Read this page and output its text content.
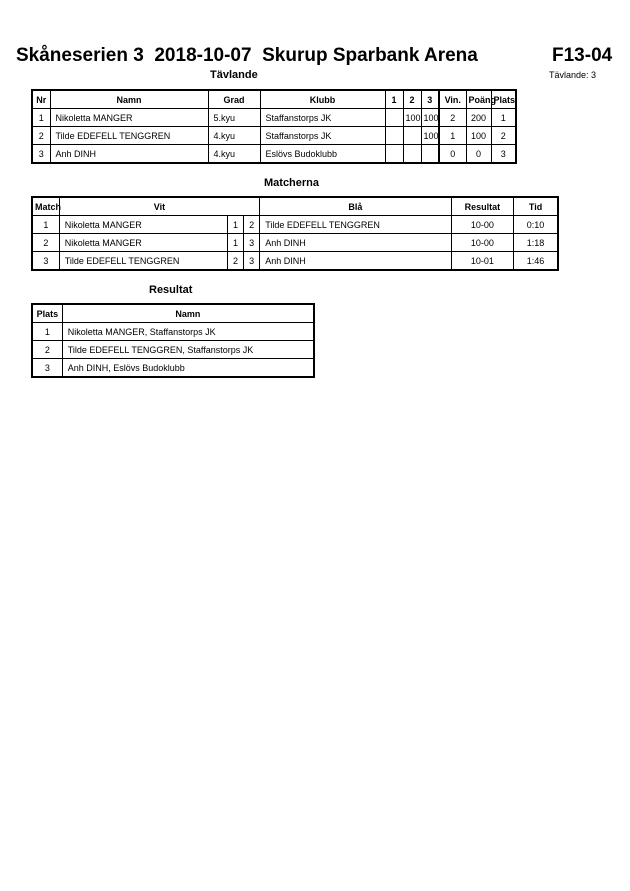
Skåneserien 3  2018-10-07  Skurup Sparbank Arena	F13-04
Tävlande: 3
Tävlande
Nr	Namn	Grad	Klubb	1	2	3	Vin.	Poäng	Plats
1	Nikoletta MANGER	5.kyu	Staffanstorps JK		100	100	2	200	1
2	Tilde EDEFELL TENGGREN	4.kyu	Staffanstorps JK			100	1	100	2
3	Anh DINH	4.kyu	Eslövs Budoklubb				0	0	3
Matcherna
Match	Vit			Blå	Resultat	Tid
1	Nikoletta MANGER	1	2	Tilde EDEFELL TENGGREN	10-00	0:10
2	Nikoletta MANGER	1	3	Anh DINH	10-00	1:18
3	Tilde EDEFELL TENGGREN	2	3	Anh DINH	10-01	1:46
Resultat
Plats	Namn
1	Nikoletta MANGER, Staffanstorps JK
2	Tilde EDEFELL TENGGREN, Staffanstorps JK
3	Anh DINH, Eslövs Budoklubb
